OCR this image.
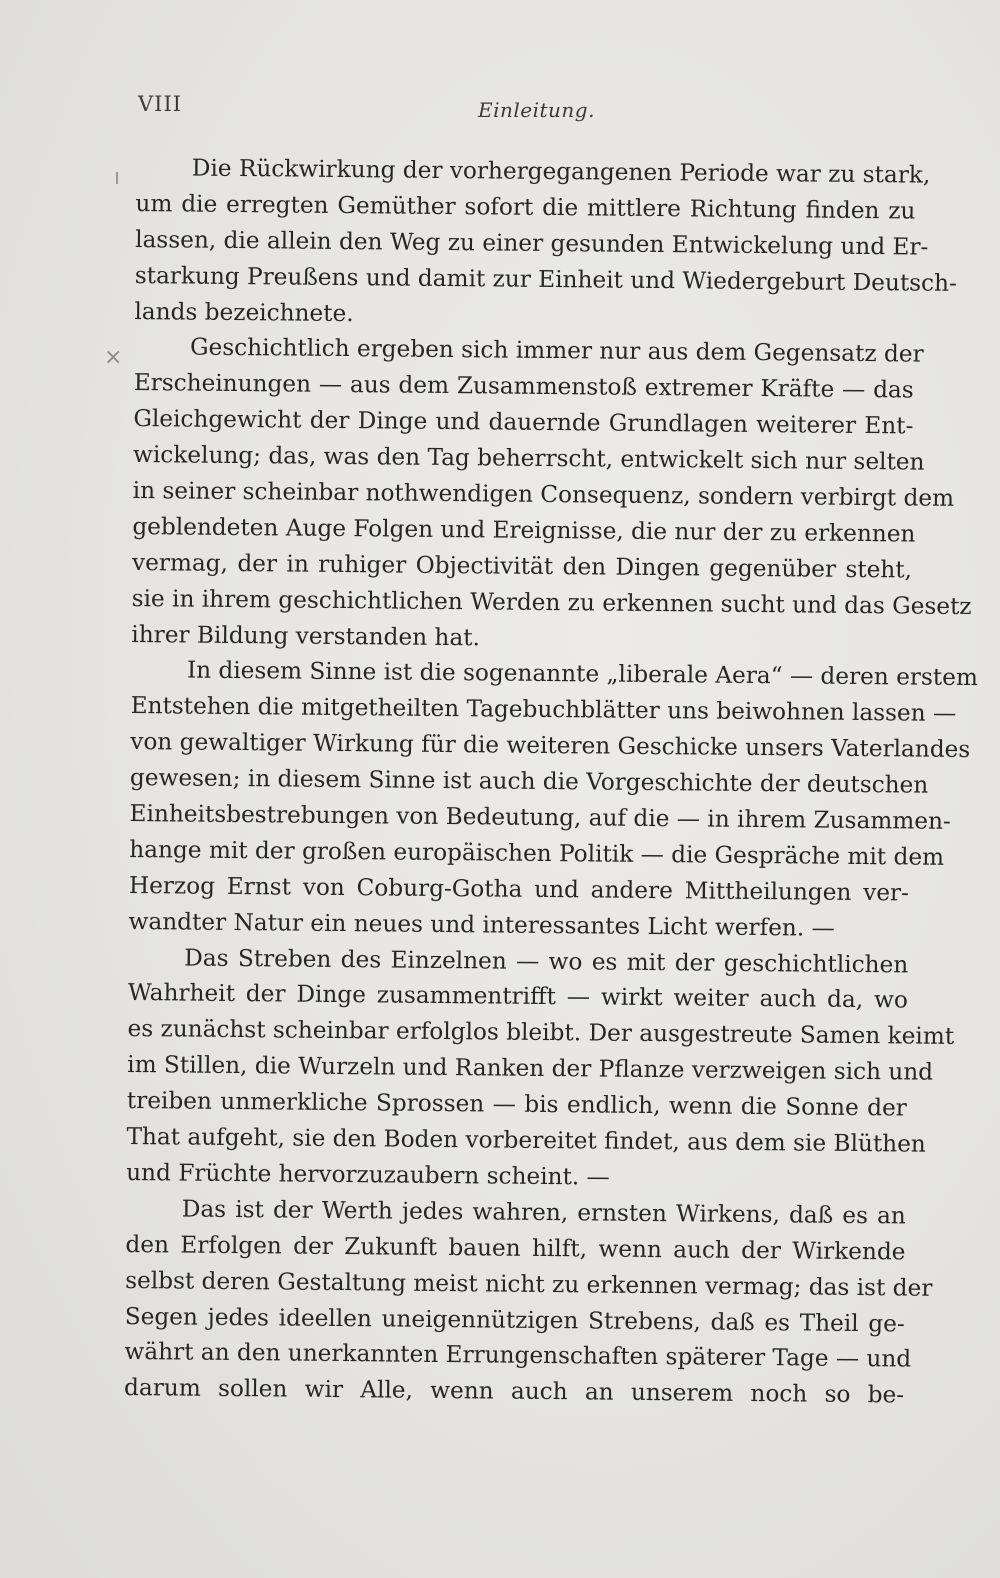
VIII	Einleitung.
×
Die Rückwirkung der vorhergegangenen Periode war zu stark,
um die erregten Gemüther sofort die mittlere Richtung finden zu
lassen, die allein den Weg zu einer gesunden Entwickelung und Er-
starkung Preußens und damit zur Einheit und Wiedergeburt Deutsch-
lands bezeichnete.
Geschichtlich ergeben sich immer nur aus dem Gegensatz der
Erscheinungen — aus dem Zusammenstoß extremer Kräfte — das
Gleichgewicht der Dinge und dauernde Grundlagen weiterer Ent-
wickelung; das, was den Tag beherrscht, entwickelt sich nur selten
in seiner scheinbar nothwendigen Consequenz, sondern verbirgt dem
geblendeten Auge Folgen und Ereignisse, die nur der zu erkennen
vermag, der in ruhiger Objectivität den Dingen gegenüber steht,
sie in ihrem geschichtlichen Werden zu erkennen sucht und das Gesetz
ihrer Bildung verstanden hat.
In diesem Sinne ist die sogenannte „liberale Aera“ — deren erstem
Entstehen die mitgetheilten Tagebuchblätter uns beiwohnen lassen —
von gewaltiger Wirkung für die weiteren Geschicke unsers Vaterlandes
gewesen; in diesem Sinne ist auch die Vorgeschichte der deutschen
Einheitsbestrebungen von Bedeutung, auf die — in ihrem Zusammen-
hange mit der großen europäischen Politik — die Gespräche mit dem
Herzog Ernst von Coburg-Gotha und andere Mittheilungen ver-
wandter Natur ein neues und interessantes Licht werfen. —
Das Streben des Einzelnen — wo es mit der geschichtlichen
Wahrheit der Dinge zusammentrifft — wirkt weiter auch da, wo
es zunächst scheinbar erfolglos bleibt. Der ausgestreute Samen keimt
im Stillen, die Wurzeln und Ranken der Pflanze verzweigen sich und
treiben unmerkliche Sprossen — bis endlich, wenn die Sonne der
That aufgeht, sie den Boden vorbereitet findet, aus dem sie Blüthen
und Früchte hervorzuzaubern scheint. —
Das ist der Werth jedes wahren, ernsten Wirkens, daß es an
den Erfolgen der Zukunft bauen hilft, wenn auch der Wirkende
selbst deren Gestaltung meist nicht zu erkennen vermag; das ist der
Segen jedes ideellen uneigennützigen Strebens, daß es Theil ge-
währt an den unerkannten Errungenschaften späterer Tage — und
darum sollen wir Alle, wenn auch an unserem noch so be-
